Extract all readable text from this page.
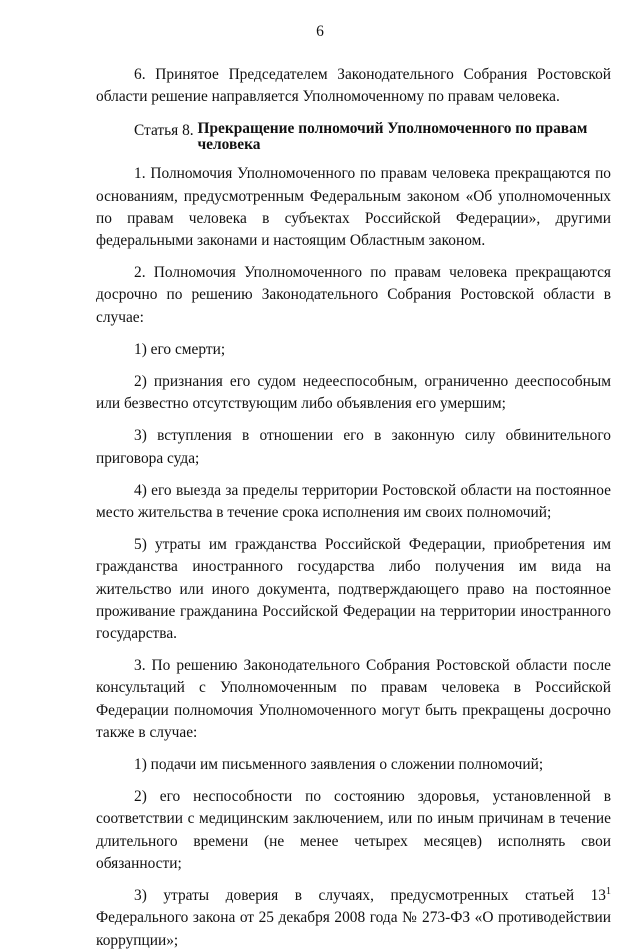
6

6. Принятое Председателем Законодательного Собрания Ростовской области решение направляется Уполномоченному по правам человека.

Статья 8. Прекращение полномочий Уполномоченного по правам человека

1. Полномочия Уполномоченного по правам человека прекращаются по основаниям, предусмотренным Федеральным законом «Об уполномоченных по правам человека в субъектах Российской Федерации», другими федеральными законами и настоящим Областным законом.

2. Полномочия Уполномоченного по правам человека прекращаются досрочно по решению Законодательного Собрания Ростовской области в случае:

1) его смерти;

2) признания его судом недееспособным, ограниченно дееспособным или безвестно отсутствующим либо объявления его умершим;

3) вступления в отношении его в законную силу обвинительного приговора суда;

4) его выезда за пределы территории Ростовской области на постоянное место жительства в течение срока исполнения им своих полномочий;

5) утраты им гражданства Российской Федерации, приобретения им гражданства иностранного государства либо получения им вида на жительство или иного документа, подтверждающего право на постоянное проживание гражданина Российской Федерации на территории иностранного государства.

3. По решению Законодательного Собрания Ростовской области после консультаций с Уполномоченным по правам человека в Российской Федерации полномочия Уполномоченного могут быть прекращены досрочно также в случае:

1) подачи им письменного заявления о сложении полномочий;

2) его неспособности по состоянию здоровья, установленной в соответствии с медицинским заключением, или по иным причинам в течение длительного времени (не менее четырех месяцев) исполнять свои обязанности;

3) утраты доверия в случаях, предусмотренных статьей $13^1$ Федерального закона от 25 декабря 2008 года № 273-ФЗ «О противодействии коррупции»;
